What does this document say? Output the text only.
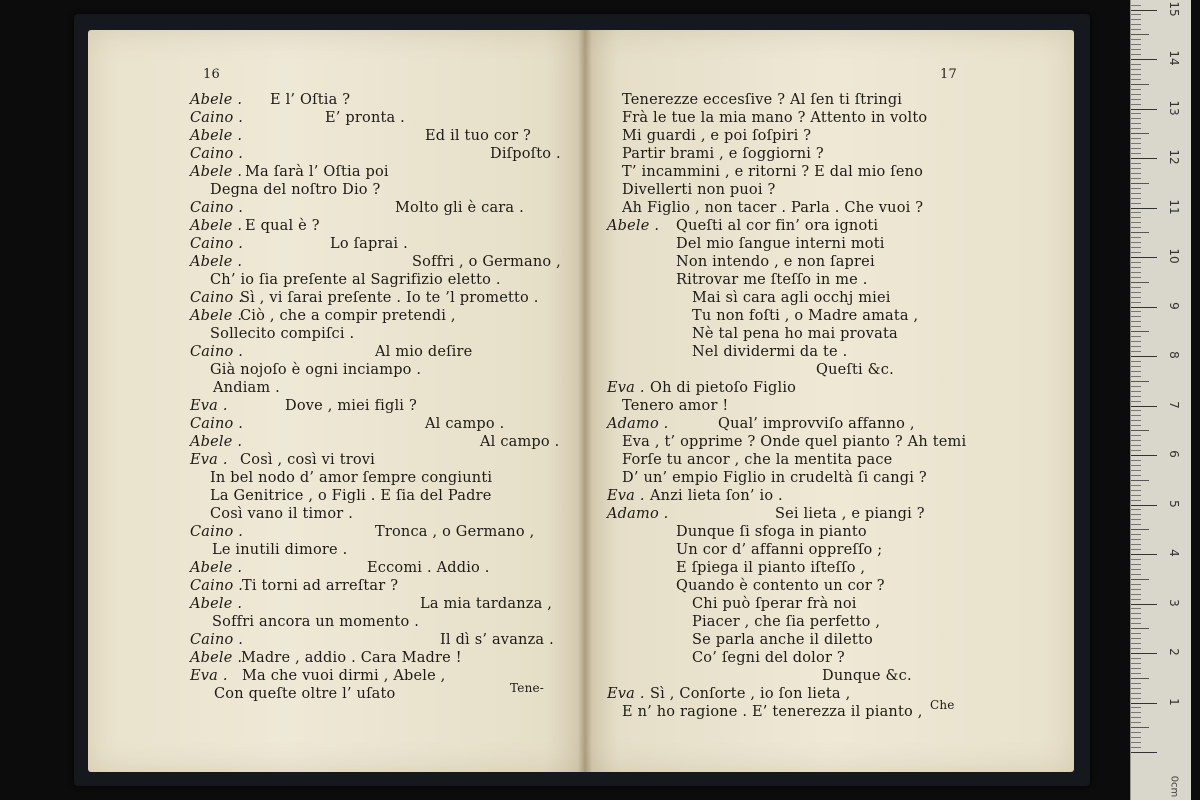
16	17
Abele . E l’ Oſtia ?
Caino .	E’ pronta .
Abele .	Ed il tuo cor ?
Caino .	Diſpoſto .
Abele . Ma ſarà l’ Oſtia poi
Degna del noſtro Dio ?
Caino .	Molto gli è cara .
Abele . E qual è ?
Caino .	Lo ſaprai .
Abele .	Soffri , o Germano ,
Ch’ io ſia preſente al Sagrifizio eletto .
Caino .
Sì , vi ſarai preſente . Io te ’l prometto .
Abele .
Ciò , che a compir pretendi ,
Sollecito compiſci .
Caino .	Al mio deſire
Già nojoſo è ogni inciampo .
Andiam .
Eva .	Dove , miei figli ?
Caino .	Al campo .
Abele .	Al campo .
Eva . Così , così vi trovi
In bel nodo d’ amor ſempre congiunti
La Genitrice , o Figli . E ſia del Padre
Così vano il timor .
Caino .	Tronca , o Germano ,
Le inutili dimore .
Abele .	Eccomi . Addio .
Caino .
Ti torni ad arreſtar ?
Abele .	La mia tardanza ,
Soffri ancora un momento .
Caino .	Il dì s’ avanza .
Abele .
Madre , addio . Cara Madre !
Eva . Ma che vuoi dirmi , Abele ,
Con queſte oltre l’ uſato
Tenerezze eccesſive ? Al ſen ti ſtringi
Frà le tue la mia mano ? Attento in volto
Mi guardi , e poi ſoſpiri ?
Partir brami , e ſoggiorni ?
T’ incammini , e ritorni ? E dal mio ſeno
Divellerti non puoi ?
Ah Figlio , non tacer . Parla . Che vuoi ?
Abele . Queſti al cor fin’ ora ignoti
Del mio ſangue interni moti
Non intendo , e non ſaprei
Ritrovar me ſteſſo in me .
Mai sì cara agli occhj miei
Tu non foſti , o Madre amata ,
Nè tal pena ho mai provata
Nel dividermi da te .
Queſti &c.
Eva . Oh di pietoſo Figlio
Tenero amor !
Adamo .	Qual’ improvviſo affanno ,
Eva , t’ opprime ? Onde quel pianto ? Ah temi
Forſe tu ancor , che la mentita pace
D’ un’ empio Figlio in crudeltà ſi cangi ?
Eva . Anzi lieta ſon’ io .
Adamo .	Sei lieta , e piangi ?
Dunque ſi sfoga in pianto
Un cor d’ affanni oppreſſo ;
E ſpiega il pianto iſteſſo ,
Quando è contento un cor ?
Chi può ſperar frà noi
Piacer , che ſia perfetto ,
Se parla anche il diletto
Co’ ſegni del dolor ?
Dunque &c.
Eva . Sì , Conſorte , io ſon lieta ,
E n’ ho ragione . E’ tenerezza il pianto ,
Tene-
Che
15
14
13
12
11
10
9
8
7
6
5
4
3
2
1
0cm
